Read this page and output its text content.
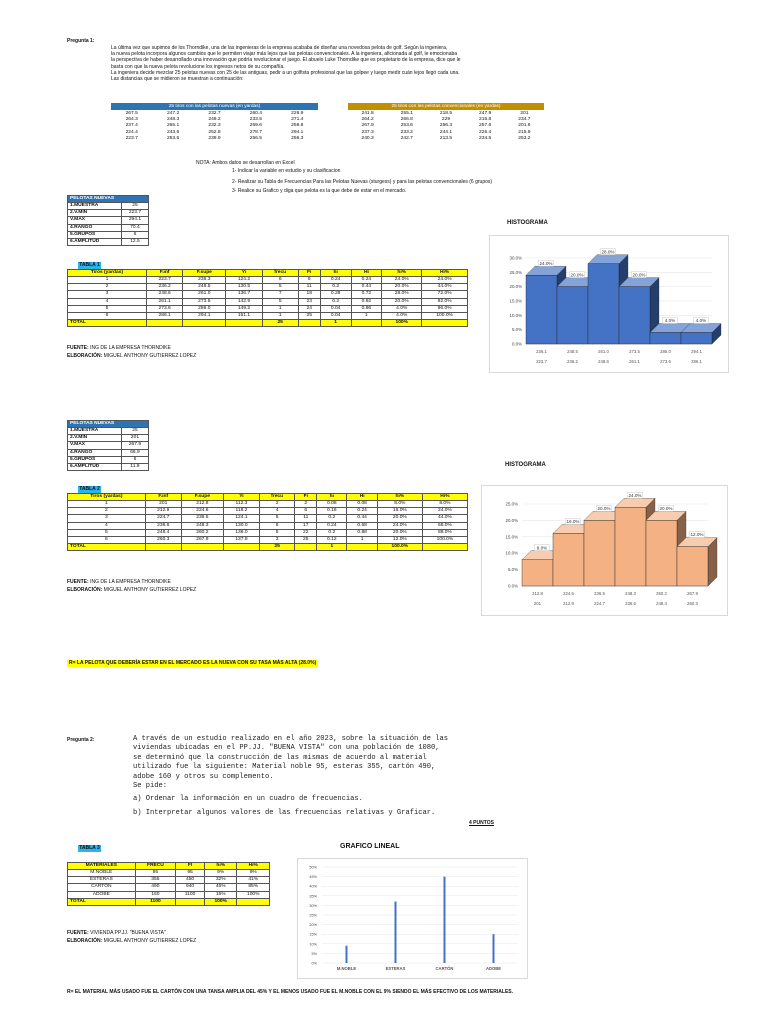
Pregunta 1:
La última vez que supimos de los Thorndike, una de las ingenieras de la empresa acababa de diseñar una novedosa pelota de golf. Según la ingeniera,
la nueva pelota incorpora algunos cambios que le permiten viajar más lejos que las pelotas convencionales. A la ingeniera, aficionada al golf, le emocionaba
la perspectiva de haber desarrollado una innovación que podría revolucionar el juego. El abuelo Luke Thorndike que es propietario de la empresa, dice que le
basta con que la nueva pelota revolucione los ingresos netos de su compañía.
La ingeniera decide mezclar 25 pelotas nuevas con 25 de las antiguas, pedir a un golfista profesional que las golpee y luego medir cuán lejos llegó cada una.
Las distancias que se midieron se muestran a continuación:
25 tiros con las pelotas nuevas (en yardas)
267.5	247.2	232.7	260.4	226.9
264.3	248.3	249.2	233.5	271.4
237.4	265.1	232.3	269.6	258.8
224.4	243.6	252.8	278.7	294.1
223.7	253.6	239.9	256.5	256.3
25 tiros con las pelotas convencionales (en yardas)
241.8	255.1	218.5	247.9	201
264.2	266.8	229	215.8	234.7
267.9	253.6	256.3	257.6	201.6
237.3	233.2	244.1	226.4	215.9
240.3	242.7	213.5	234.5	253.2
NOTA: Ambos datos se desarrollan en Excel
1- Indicar la variable en estudio y su clasificacion
2- Realizar su Tabla de Frecuencias Para las Pelotas Nuevas (sturgess) y para las pelotas convencionales (6 grupos)
3- Realice su Grafico y diga que pelota es la que debe de estar en el mercado.
PELOTAS NUEVAS	
1.MUESTRA	25
2.V.MIN	223.7
V.MAX	294.1
4.RANGO	70.4
5.GRUPOS	6
6.AMPLITUD	12.5
TABLA 1
Tiros (yardas)	F.inf	F.supe	Yi	frecu	Fi	hi	Hi	hi%	Hi%
1	223.7	236.3	124.2	6	6	0.24	0.24	24.0%	24.0%
2	236.2	248.5	130.5	5	11	0.2	0.44	20.0%	44.0%
3	248.6	261.0	136.7	7	18	0.28	0.72	28.0%	72.0%
4	261.1	273.5	142.9	5	23	0.2	0.92	20.0%	92.0%
5	273.6	286.0	149.2	1	24	0.04	0.96	4.0%	96.0%
6	286.1	294.1	151.1	1	25	0.04	1	4.0%	100.0%
TOTAL				25		1		100%	
FUENTE: ING DE LA EMPRESA THORNDIKE
ELBORACIÓN: MIGUEL ANTHONY GUTIERREZ LOPEZ
HISTOGRAMA
0.0%
5.0%
10.0%
15.0%
20.0%
25.0%
30.0%
24.0%
236.1
223.7
20.0%
248.5
236.2
28.0%
261.0
248.6
20.0%
273.5
261.1
4.0%
286.0
273.6
4.0%
294.1
286.1
PELOTAS NUEVAS	
1.MUESTRA	25
2.V.MIN	201
V.MAX	267.9
4.RANGO	66.9
5.GRUPOS	6
6.AMPLITUD	11.9
TABLA 2
Tiros (yardas)	F.inf	F.supe	Yi	frecu	Fi	hi	Hi	hi%	Hi%
1	201	212.8	112.3	2	2	0.08	0.08	8.0%	8.0%
2	212.9	224.6	118.2	4	6	0.16	0.24	16.0%	24.0%
3	224.7	236.5	124.1	5	11	0.2	0.44	20.0%	44.0%
4	236.6	248.3	130.0	6	17	0.24	0.68	24.0%	68.0%
5	248.4	260.2	136.0	5	22	0.2	0.88	20.0%	88.0%
6	260.3	267.9	137.8	3	25	0.12	1	12.0%	100.0%
TOTAL				25		1		100.0%	
FUENTE: ING DE LA EMPRESA THORNDIKE
ELBORACIÓN: MIGUEL ANTHONY GUTIERREZ LOPEZ
HISTOGRAMA
0.0%
5.0%
10.0%
15.0%
20.0%
25.0%
8.0%
212.8
201
16.0%
224.6
212.9
20.0%
236.5
224.7
24.0%
248.3
236.6
20.0%
260.2
248.4
12.0%
267.9
260.3
R= LA PELOTA QUE DEBERÍA ESTAR EN EL MERCADO ES LA NUEVA CON SU TASA MÁS ALTA (28.0%)
Pregunta 2:	A través de un estudio realizado en el año 2023, sobre la situación de las
viviendas ubicadas en el PP.JJ. "BUENA VISTA" con una población de 1080,
se determinó que la construcción de las mismas de acuerdo al material
utilizado fue la siguiente: Material noble 95, esteras 355, cartón 490,
adobe 160 y otros su complemento.
Se pide:
a) Ordenar la información en un cuadro de frecuencias.
b) Interpretar algunos valores de las frecuencias relativas y Graficar.
4 PUNTOS
TABLA 3
MATERIALES	FRECU	FI	hi%	Hi%
M.NOBLE	95	95	9%	9%
ESTERAS	355	450	32%	41%
CARTÓN	490	940	45%	85%
ADOBE	160	1100	15%	100%
TOTAL	1100		100%	
FUENTE: VIVIENDA PP.JJ. "BUENA VISTA"
ELBORACIÓN: MIGUEL ANTHONY GUTIERREZ LOPEZ
GRAFICO LINEAL
0%
5%
10%
15%
20%
25%
30%
35%
40%
45%
50%
M.NOBLE	ESTERAS	CARTÓN	ADOBE
R= EL MATERIAL MÁS USADO FUE EL CARTÓN CON UNA TANSA AMPLIA DEL 45% Y EL MENOS USADO FUE EL M.NOBLE CON EL 9% SIENDO EL MÁS EFECTIVO DE LOS MATERIALES.
